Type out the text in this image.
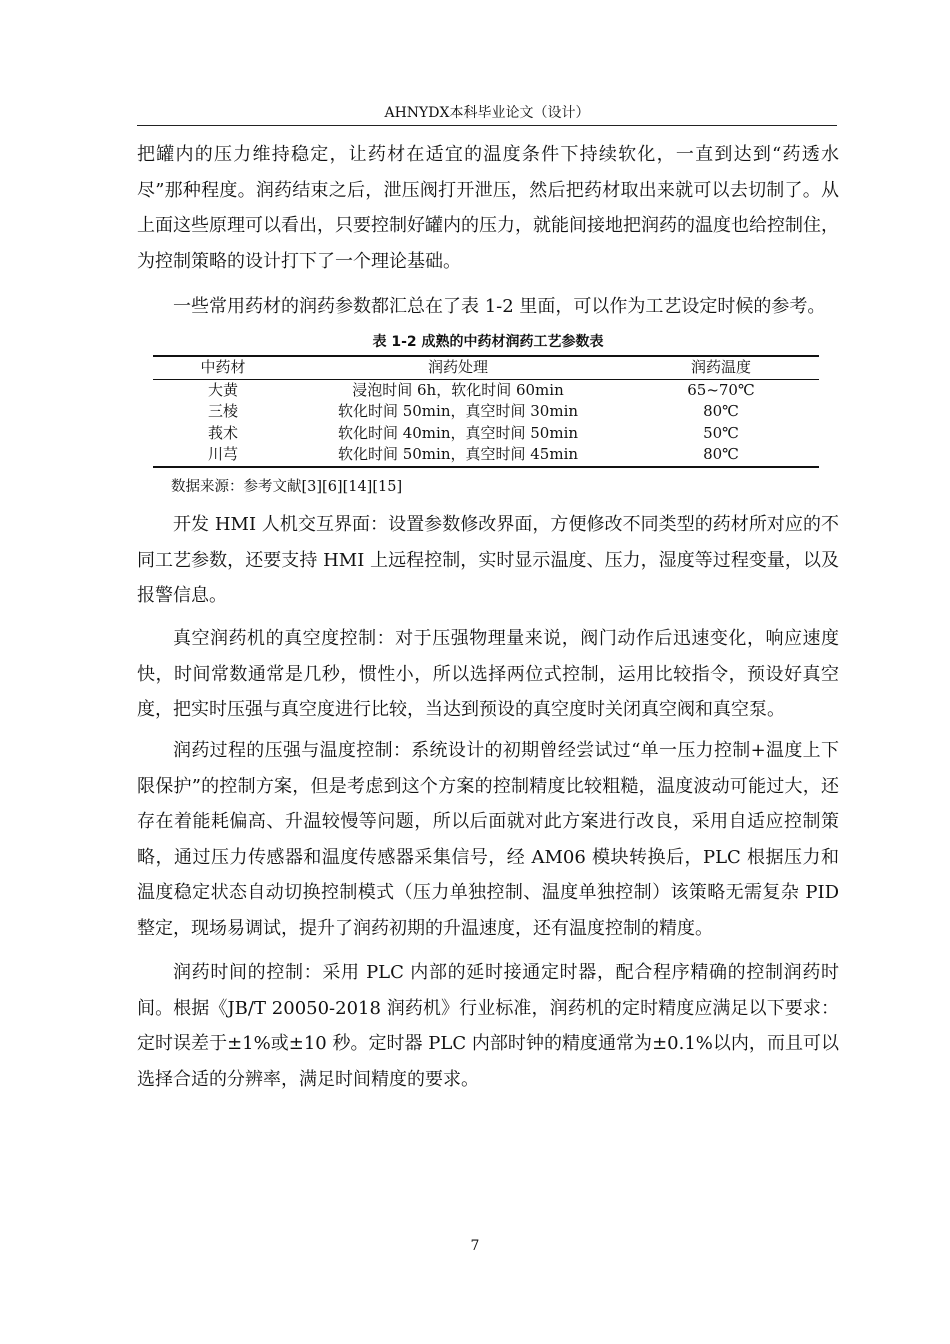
AHNYDX本科毕业论文（设计）

把罐内的压力维持稳定，让药材在适宜的温度条件下持续软化，一直到达到“药透水尽”那种程度。润药结束之后，泄压阀打开泄压，然后把药材取出来就可以去切制了。从上面这些原理可以看出，只要控制好罐内的压力，就能间接地把润药的温度也给控制住，为控制策略的设计打下了一个理论基础。

一些常用药材的润药参数都汇总在了表 1-2 里面，可以作为工艺设定时候的参考。

表 1-2 成熟的中药材润药工艺参数表
中药材	润药处理	润药温度
大黄	浸泡时间 6h，软化时间 60min	65~70℃
三棱	软化时间 50min，真空时间 30min	80℃
莪术	软化时间 40min，真空时间 50min	50℃
川芎	软化时间 50min，真空时间 45min	80℃
数据来源：参考文献[3][6][14][15]

开发 HMI 人机交互界面：设置参数修改界面，方便修改不同类型的药材所对应的不同工艺参数，还要支持 HMI 上远程控制，实时显示温度、压力，湿度等过程变量，以及报警信息。

真空润药机的真空度控制：对于压强物理量来说，阀门动作后迅速变化，响应速度快，时间常数通常是几秒，惯性小，所以选择两位式控制，运用比较指令，预设好真空度，把实时压强与真空度进行比较，当达到预设的真空度时关闭真空阀和真空泵。

润药过程的压强与温度控制：系统设计的初期曾经尝试过“单一压力控制+温度上下限保护”的控制方案，但是考虑到这个方案的控制精度比较粗糙，温度波动可能过大，还存在着能耗偏高、升温较慢等问题，所以后面就对此方案进行改良，采用自适应控制策略，通过压力传感器和温度传感器采集信号，经 AM06 模块转换后，PLC 根据压力和温度稳定状态自动切换控制模式（压力单独控制、温度单独控制）该策略无需复杂 PID 整定，现场易调试，提升了润药初期的升温速度，还有温度控制的精度。

润药时间的控制：采用 PLC 内部的延时接通定时器，配合程序精确的控制润药时间。根据《JB/T 20050-2018 润药机》行业标准，润药机的定时精度应满足以下要求：定时误差于±1%或±10 秒。定时器 PLC 内部时钟的精度通常为±0.1%以内，而且可以选择合适的分辨率，满足时间精度的要求。

7
